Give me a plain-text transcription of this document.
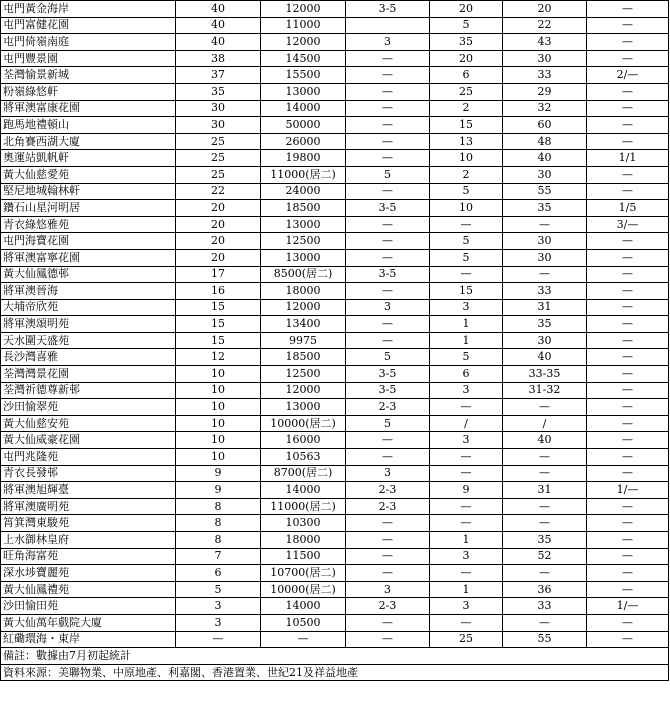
屯門黃金海岸	40	12000	3-5	20	20	—
屯門富健花園	40	11000		5	22	—
屯門倚嶺南庭	40	12000	3	35	43	—
屯門豐景園	38	14500	—	20	30	—
荃灣愉景新城	37	15500	—	6	33	2/—
粉嶺綠悠軒	35	13000	—	25	29	—
將軍澳富康花園	30	14000	—	2	32	—
跑馬地禮頓山	30	50000	—	15	60	—
北角賽西湖大廈	25	26000	—	13	48	—
奧運站凱帆軒	25	19800	—	10	40	1/1
黃大仙慈愛苑	25	11000(居二)	5	2	30	—
堅尼地城翰林軒	22	24000	—	5	55	—
鑽石山星河明居	20	18500	3-5	10	35	1/5
青衣綠悠雅苑	20	13000	—	—	—	3/—
屯門海寶花園	20	12500	—	5	30	—
將軍澳富寧花園	20	13000	—	5	30	—
黃大仙鳳德邨	17	8500(居二)	3-5	—	—	—
將軍澳晉海	16	18000	—	15	33	—
大埔帝欣苑	15	12000	3	3	31	—
將軍澳頌明苑	15	13400	—	1	35	—
天水圍天盛苑	15	9975	—	1	30	—
長沙灣喜雅	12	18500	5	5	40	—
荃灣灣景花園	10	12500	3-5	6	33-35	—
荃灣祈德尊新邨	10	12000	3-5	3	31-32	—
沙田愉翠苑	10	13000	2-3	—	—	—
黃大仙慈安苑	10	10000(居二)	5	/	/	—
黃大仙威豪花園	10	16000	—	3	40	—
屯門兆隆苑	10	10563	—	—	—	—
青衣長發邨	9	8700(居二)	3	—	—	—
將軍澳旭輝臺	9	14000	2-3	9	31	1/—
將軍澳廣明苑	8	11000(居二)	2-3	—	—	—
筲箕灣東駿苑	8	10300	—	—	—	—
上水御林皇府	8	18000	—	1	35	—
旺角海富苑	7	11500	—	3	52	—
深水埗寶麗苑	6	10700(居二)	—	—	—	—
黃大仙鳳禮苑	5	10000(居二)	3	1	36	—
沙田愉田苑	3	14000	2-3	3	33	1/—
黃大仙萬年戲院大廈	3	10500	—	—	—	—
紅磡環海・東岸	—	—	—	25	55	—
備註：數據由7月初起統計						
資料來源：美聯物業、中原地產、利嘉閣、香港置業、世紀21及祥益地產						
